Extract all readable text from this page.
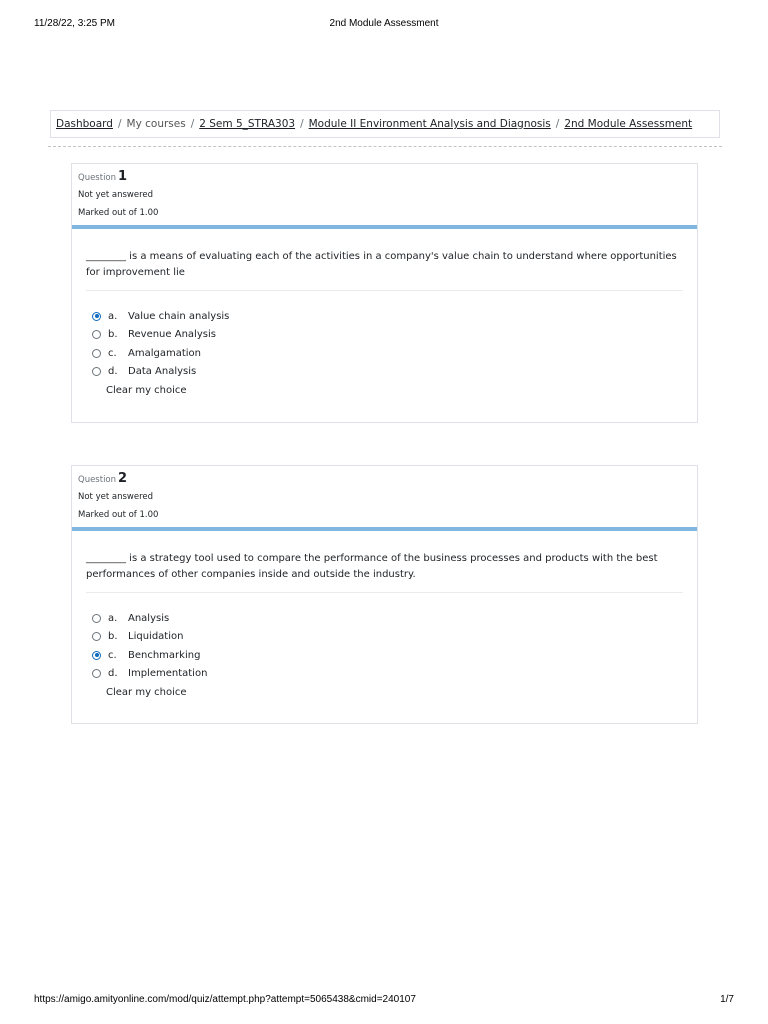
11/28/22, 3:25 PM	2nd Module Assessment
Dashboard / My courses / 2 Sem 5_STRA303 / Module II Environment Analysis and Diagnosis / 2nd Module Assessment
Question 1
Not yet answered
Marked out of 1.00
________ is a means of evaluating each of the activities in a company's value chain to understand where opportunities for improvement lie
a.	Value chain analysis
b.	Revenue Analysis
c.	Amalgamation
d.	Data Analysis
Clear my choice
Question 2
Not yet answered
Marked out of 1.00
________ is a strategy tool used to compare the performance of the business processes and products with the best performances of other companies inside and outside the industry.
a.	Analysis
b.	Liquidation
c.	Benchmarking
d.	Implementation
Clear my choice
https://amigo.amityonline.com/mod/quiz/attempt.php?attempt=5065438&cmid=240107	1/7
